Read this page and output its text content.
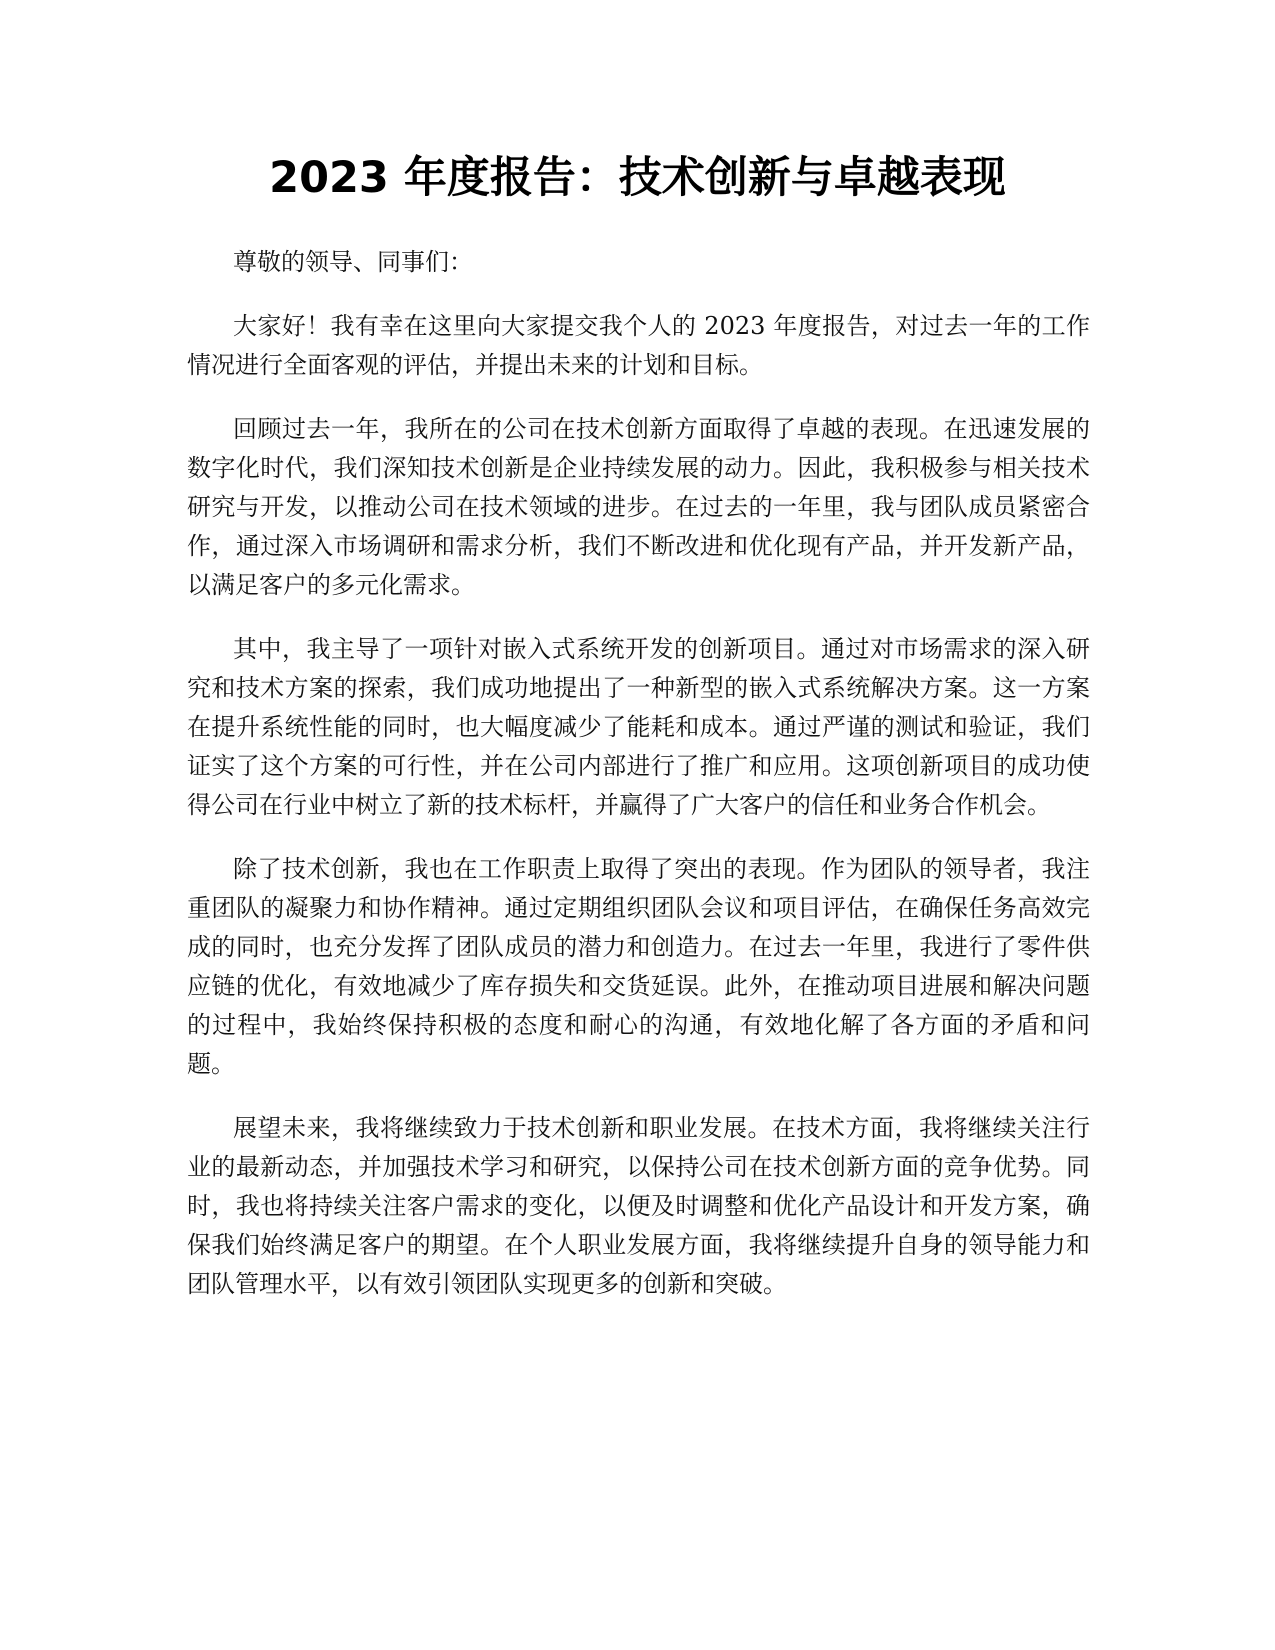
2023 年度报告：技术创新与卓越表现

尊敬的领导、同事们：

大家好！我有幸在这里向大家提交我个人的 2023 年度报告，对过去一年的工作情况进行全面客观的评估，并提出未来的计划和目标。

回顾过去一年，我所在的公司在技术创新方面取得了卓越的表现。在迅速发展的数字化时代，我们深知技术创新是企业持续发展的动力。因此，我积极参与相关技术研究与开发，以推动公司在技术领域的进步。在过去的一年里，我与团队成员紧密合作，通过深入市场调研和需求分析，我们不断改进和优化现有产品，并开发新产品，以满足客户的多元化需求。

其中，我主导了一项针对嵌入式系统开发的创新项目。通过对市场需求的深入研究和技术方案的探索，我们成功地提出了一种新型的嵌入式系统解决方案。这一方案在提升系统性能的同时，也大幅度减少了能耗和成本。通过严谨的测试和验证，我们证实了这个方案的可行性，并在公司内部进行了推广和应用。这项创新项目的成功使得公司在行业中树立了新的技术标杆，并赢得了广大客户的信任和业务合作机会。

除了技术创新，我也在工作职责上取得了突出的表现。作为团队的领导者，我注重团队的凝聚力和协作精神。通过定期组织团队会议和项目评估，在确保任务高效完成的同时，也充分发挥了团队成员的潜力和创造力。在过去一年里，我进行了零件供应链的优化，有效地减少了库存损失和交货延误。此外，在推动项目进展和解决问题的过程中，我始终保持积极的态度和耐心的沟通，有效地化解了各方面的矛盾和问题。

展望未来，我将继续致力于技术创新和职业发展。在技术方面，我将继续关注行业的最新动态，并加强技术学习和研究，以保持公司在技术创新方面的竞争优势。同时，我也将持续关注客户需求的变化，以便及时调整和优化产品设计和开发方案，确保我们始终满足客户的期望。在个人职业发展方面，我将继续提升自身的领导能力和团队管理水平，以有效引领团队实现更多的创新和突破。
